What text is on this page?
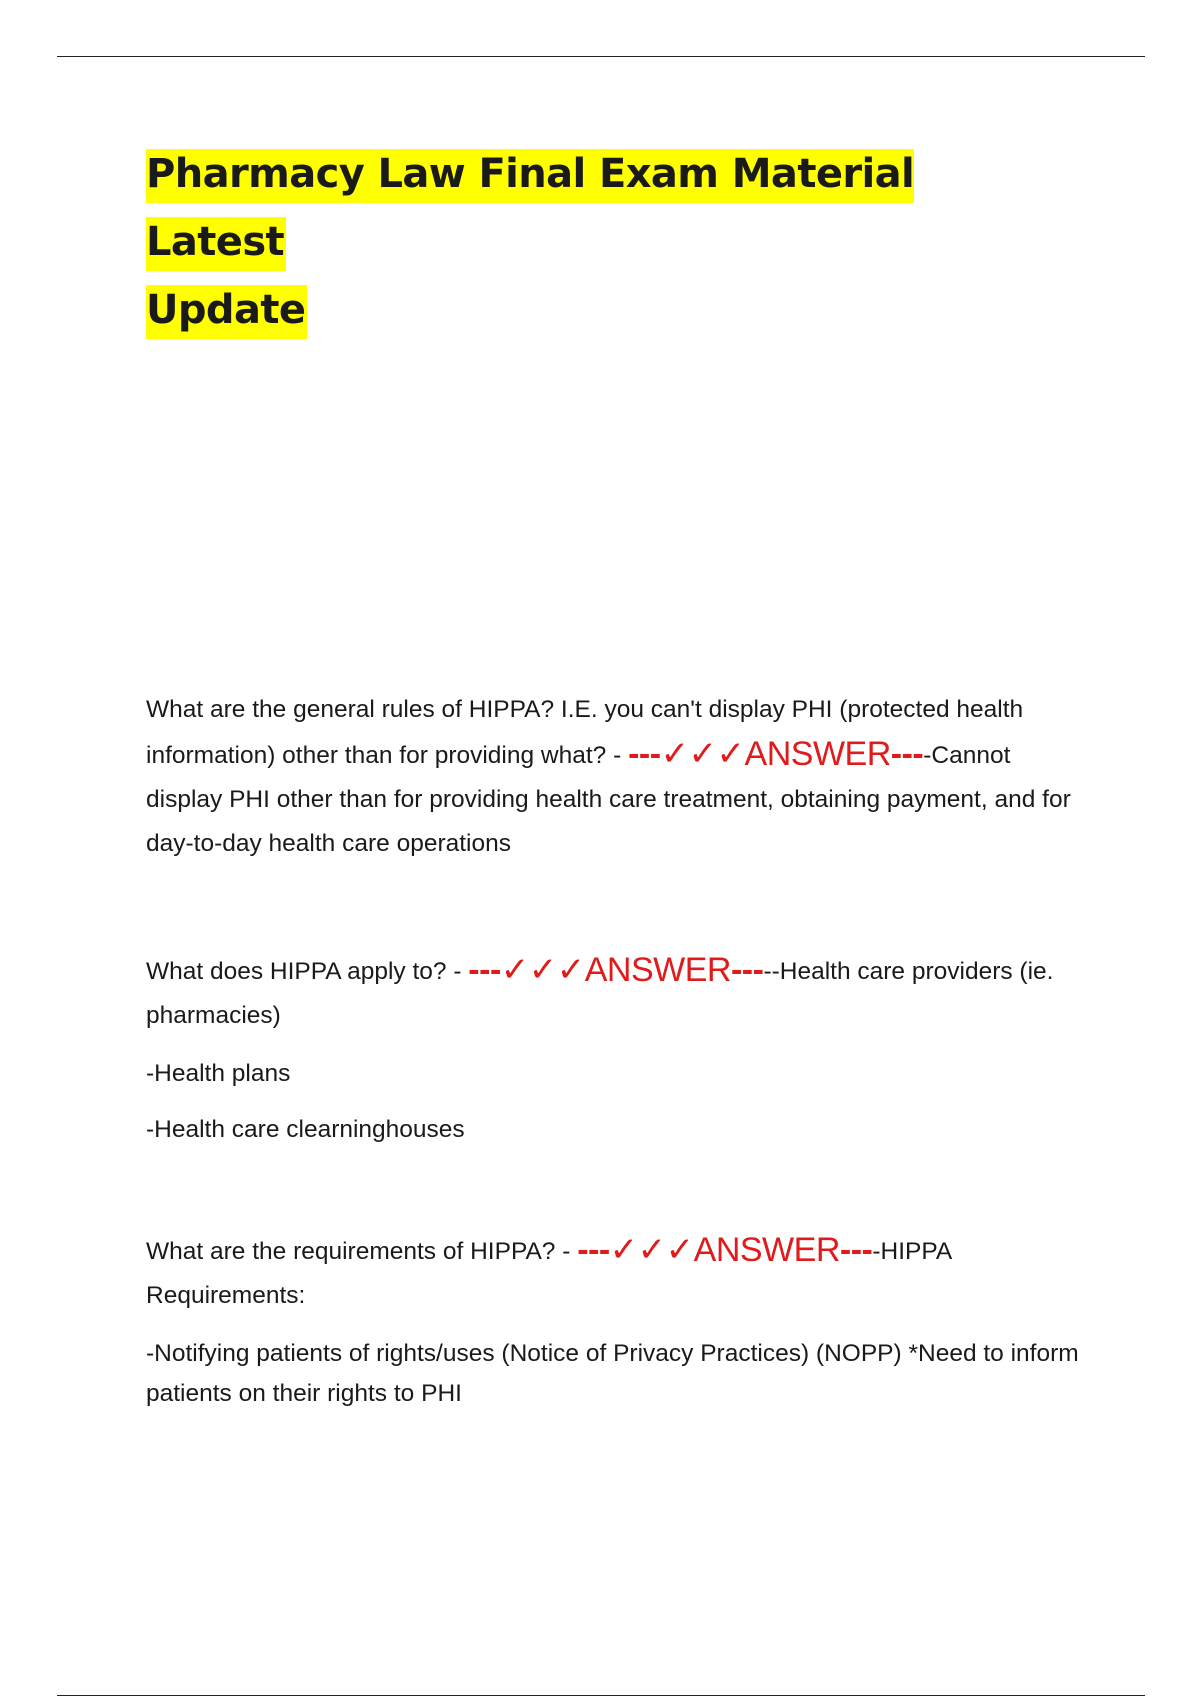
Pharmacy Law Final Exam Material Latest
Update

What are the general rules of HIPPA? I.E. you can't display PHI (protected health information) other than for providing what? - ---✓✓✓ANSWER----Cannot display PHI other than for providing health care treatment, obtaining payment, and for day-to-day health care operations

What does HIPPA apply to? - ---✓✓✓ANSWER-----Health care providers (ie. pharmacies)

-Health plans

-Health care clearninghouses

What are the requirements of HIPPA? - ---✓✓✓ANSWER----HIPPA Requirements:

-Notifying patients of rights/uses (Notice of Privacy Practices) (NOPP) *Need to inform patients on their rights to PHI
